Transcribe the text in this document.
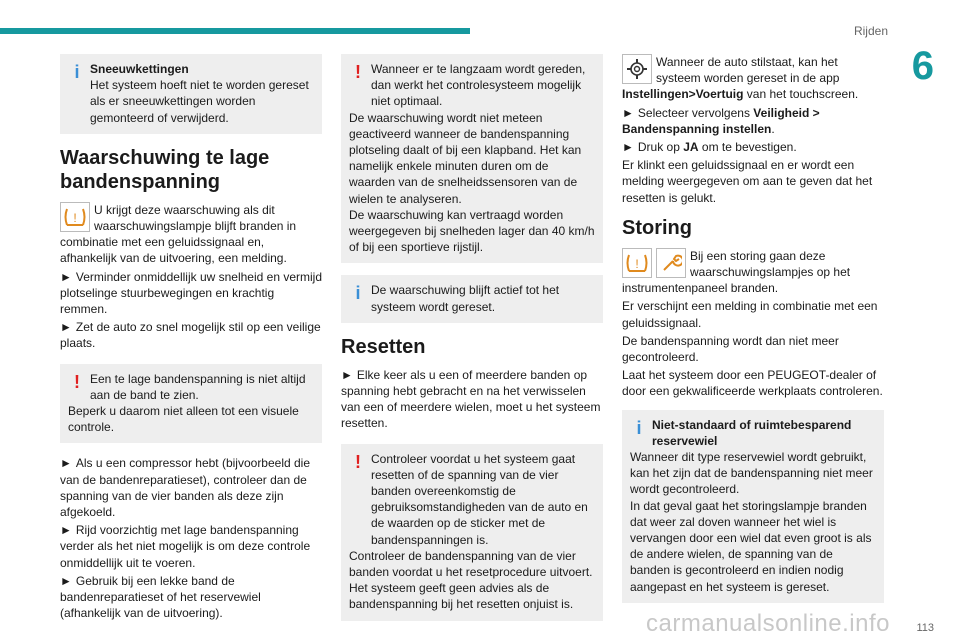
Rijden
6
i Sneeuwkettingen
Het systeem hoeft niet te worden gereset als er sneeuwkettingen worden gemonteerd of verwijderd.
Waarschuwing te lage bandenspanning
!

U krijgt deze waarschuwing als dit waarschuwingslampje blijft branden in combinatie met een geluidssignaal en, afhankelijk van de uitvoering, een melding.

► Verminder onmiddellijk uw snelheid en vermijd plotselinge stuurbewegingen en krachtig remmen.

► Zet de auto zo snel mogelijk stil op een veilige plaats.

! Een te lage bandenspanning is niet altijd aan de band te zien.
Beperk u daarom niet alleen tot een visuele controle.

► Als u een compressor hebt (bijvoorbeeld die van de bandenreparatieset), controleer dan de spanning van de vier banden als deze zijn afgekoeld.

► Rijd voorzichtig met lage bandenspanning verder als het niet mogelijk is om deze controle onmiddellijk uit te voeren.

► Gebruik bij een lekke band de bandenreparatieset of het reservewiel (afhankelijk van de uitvoering).

! Wanneer er te langzaam wordt gereden, dan werkt het controlesysteem mogelijk niet optimaal.
De waarschuwing wordt niet meteen geactiveerd wanneer de bandenspanning plotseling daalt of bij een klapband. Het kan namelijk enkele minuten duren om de waarden van de snelheidssensoren van de wielen te analyseren.
De waarschuwing kan vertraagd worden weergegeven bij snelheden lager dan 40 km/h of bij een sportieve rijstijl.
i De waarschuwing blijft actief tot het systeem wordt gereset.
Resetten

► Elke keer als u een of meerdere banden op spanning hebt gebracht en na het verwisselen van een of meerdere wielen, moet u het systeem resetten.

! Controleer voordat u het systeem gaat resetten of de spanning van de vier banden overeenkomstig de gebruiksomstandigheden van de auto en de waarden op de sticker met de bandenspanningen is.
Controleer de bandenspanning van de vier banden voordat u het resetprocedure uitvoert.
Het systeem geeft geen advies als de bandenspanning bij het resetten onjuist is.

Wanneer de auto stilstaat, kan het systeem worden gereset in de app Instellingen>Voertuig van het touchscreen.

► Selecteer vervolgens Veiligheid > Bandenspanning instellen.

► Druk op JA om te bevestigen.

Er klinkt een geluidssignaal en er wordt een melding weergegeven om aan te geven dat het resetten is gelukt.

Storing
!

Bij een storing gaan deze waarschuwingslampjes op het instrumentenpaneel branden.

Er verschijnt een melding in combinatie met een geluidssignaal.

De bandenspanning wordt dan niet meer gecontroleerd.

Laat het systeem door een PEUGEOT-dealer of door een gekwalificeerde werkplaats controleren.

i Niet-standaard of ruimtebesparend reservewiel
Wanneer dit type reservewiel wordt gebruikt, kan het zijn dat de bandenspanning niet meer wordt gecontroleerd.
In dat geval gaat het storingslampje branden dat weer zal doven wanneer het wiel is vervangen door een wiel dat even groot is als de andere wielen, de spanning van de banden is gecontroleerd en indien nodig aangepast en het systeem is gereset.
carmanualsonline.info 113
